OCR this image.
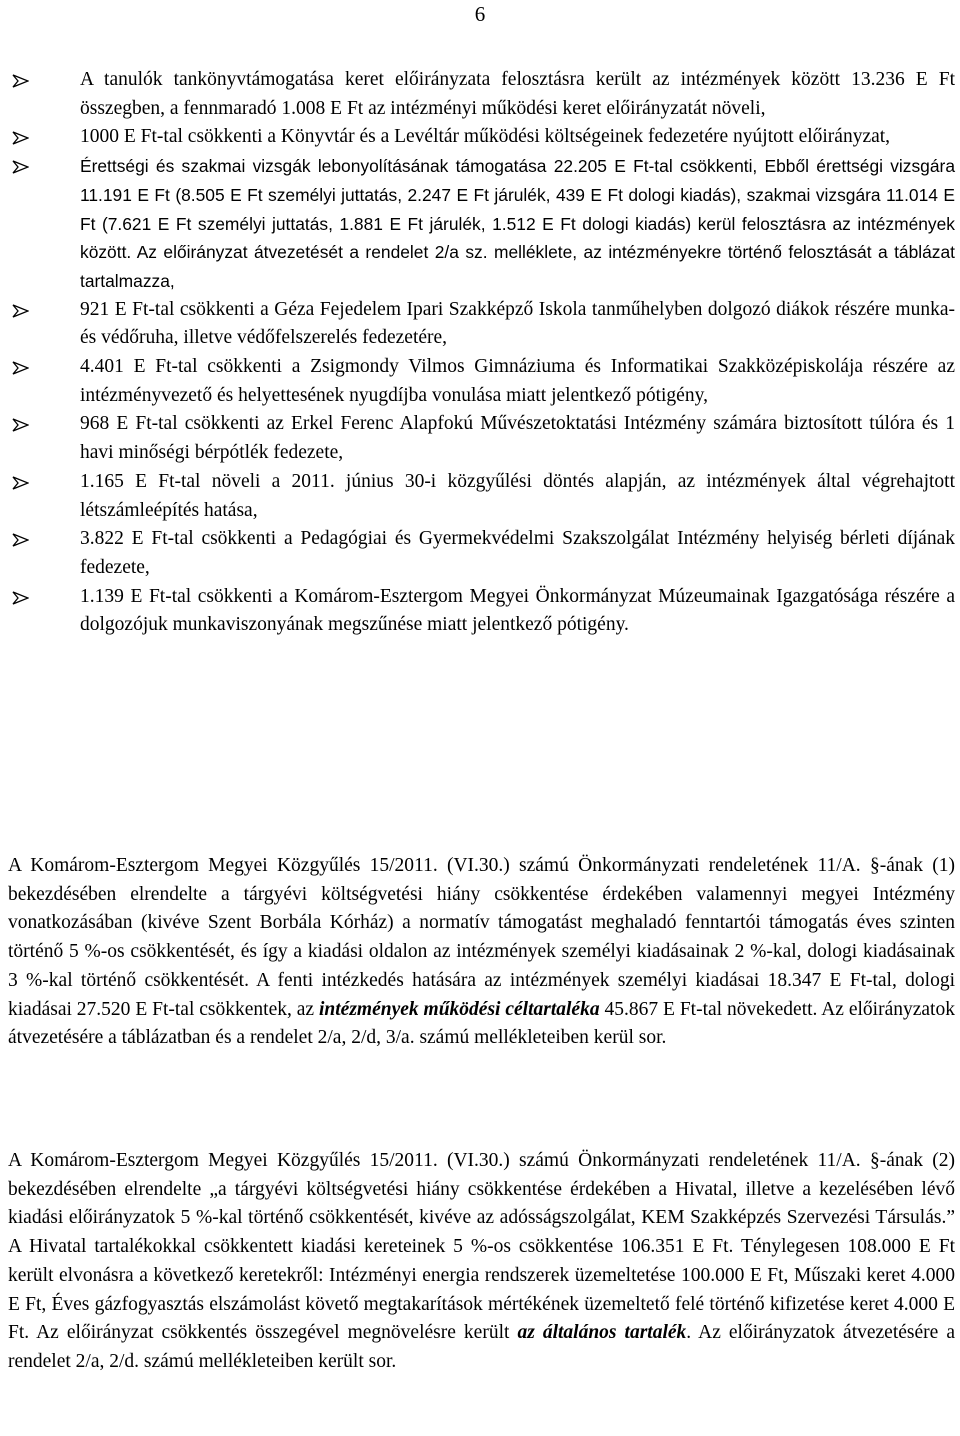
6
A tanulók tankönyvtámogatása keret előirányzata felosztásra került az intézmények között 13.236 E Ft összegben, a fennmaradó 1.008 E Ft az intézményi működési keret előirányzatát növeli,
1000 E Ft-tal csökkenti a Könyvtár és a Levéltár működési költségeinek fedezetére nyújtott előirányzat,
Érettségi és szakmai vizsgák lebonyolításának támogatása 22.205 E Ft-tal csökkenti, Ebből érettségi vizsgára 11.191 E Ft (8.505 E Ft személyi juttatás, 2.247 E Ft járulék, 439 E Ft dologi kiadás), szakmai vizsgára 11.014 E Ft (7.621 E Ft személyi juttatás, 1.881 E Ft járulék, 1.512 E Ft dologi kiadás) kerül felosztásra az intézmények között. Az előirányzat átvezetését a rendelet 2/a sz. melléklete, az intézményekre történő felosztását a táblázat tartalmazza,
921 E Ft-tal csökkenti a Géza Fejedelem Ipari Szakképző Iskola tanműhelyben dolgozó diákok részére munka- és védőruha, illetve védőfelszerelés fedezetére,
4.401 E Ft-tal csökkenti a Zsigmondy Vilmos Gimnáziuma és Informatikai Szakközépiskolája részére az intézményvezető és helyettesének nyugdíjba vonulása miatt jelentkező pótigény,
968 E Ft-tal csökkenti az Erkel Ferenc Alapfokú Művészetoktatási Intézmény számára biztosított túlóra és 1 havi minőségi bérpótlék fedezete,
1.165 E Ft-tal növeli a 2011. június 30-i közgyűlési döntés alapján, az intézmények által végrehajtott létszámleépítés hatása,
3.822 E Ft-tal csökkenti a Pedagógiai és Gyermekvédelmi Szakszolgálat Intézmény helyiség bérleti díjának fedezete,
1.139 E Ft-tal csökkenti a Komárom-Esztergom Megyei Önkormányzat Múzeumainak Igazgatósága részére a dolgozójuk munkaviszonyának megszűnése miatt jelentkező pótigény.

A Komárom-Esztergom Megyei Közgyűlés 15/2011. (VI.30.) számú Önkormányzati rendeletének 11/A. §-ának (1) bekezdésében elrendelte a tárgyévi költségvetési hiány csökkentése érdekében valamennyi megyei Intézmény vonatkozásában (kivéve Szent Borbála Kórház) a normatív támogatást meghaladó fenntartói támogatás éves szinten történő 5 %-os csökkentését, és így a kiadási oldalon az intézmények személyi kiadásainak 2 %-kal, dologi kiadásainak 3 %-kal történő csökkentését. A fenti intézkedés hatására az intézmények személyi kiadásai 18.347 E Ft-tal, dologi kiadásai 27.520 E Ft-tal csökkentek, az intézmények működési céltartaléka 45.867 E Ft-tal növekedett. Az előirányzatok átvezetésére a táblázatban és a rendelet 2/a, 2/d, 3/a. számú mellékleteiben kerül sor.

A Komárom-Esztergom Megyei Közgyűlés 15/2011. (VI.30.) számú Önkormányzati rendeletének 11/A. §-ának (2) bekezdésében elrendelte „a tárgyévi költségvetési hiány csökkentése érdekében a Hivatal, illetve a kezelésében lévő kiadási előirányzatok 5 %-kal történő csökkentését, kivéve az adósságszolgálat, KEM Szakképzés Szervezési Társulás.” A Hivatal tartalékokkal csökkentett kiadási kereteinek 5 %-os csökkentése 106.351 E Ft. Ténylegesen 108.000 E Ft került elvonásra a következő keretekről: Intézményi energia rendszerek üzemeltetése 100.000 E Ft, Műszaki keret 4.000 E Ft, Éves gázfogyasztás elszámolást követő megtakarítások mértékének üzemeltető felé történő kifizetése keret 4.000 E Ft. Az előirányzat csökkentés összegével megnövelésre került az általános tartalék. Az előirányzatok átvezetésére a rendelet 2/a, 2/d. számú mellékleteiben került sor.
